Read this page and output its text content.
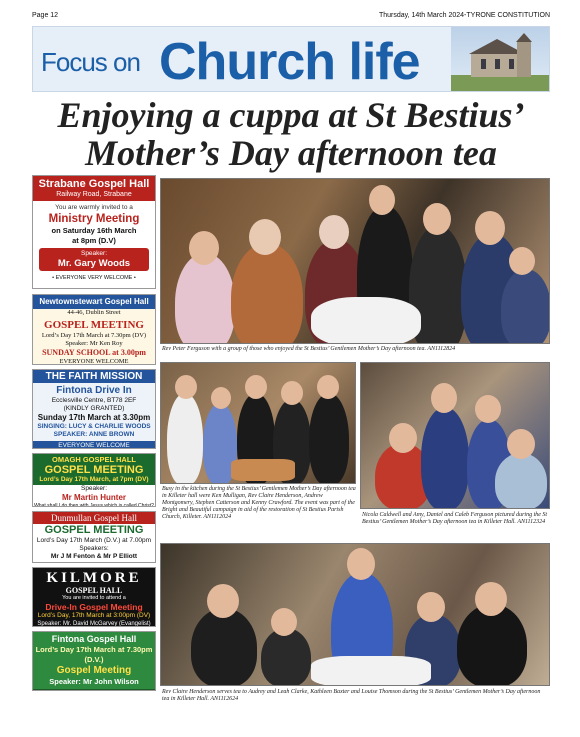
Page 12	Thursday, 14th March 2024-TYRONE CONSTITUTION
Focus on Church life
Enjoying a cuppa at St Bestius’
Mother’s Day afternoon tea
Strabane Gospel Hall
Railway Road, Strabane
You are warmly invited to a
Ministry Meeting
on Saturday 16th March
at 8pm (D.V)
Speaker:
Mr. Gary Woods
• EVERYONE VERY WELCOME •
Newtownstewart Gospel Hall
44-46, Dublin Street
GOSPEL MEETING
Lord’s Day 17th March at 7.30pm (DV)
Speaker: Mr Ken Roy
SUNDAY SCHOOL at 3.00pm
EVERYONE WELCOME
THE FAITH MISSION
Fintona Drive In
Ecclesville Centre, BT78 2EF
(KINDLY GRANTED)
Sunday 17th March at 3.30pm
SINGING: LUCY & CHARLIE WOODS
SPEAKER: ANNE BROWN
EVERYONE WELCOME
OMAGH GOSPEL HALL
GOSPEL MEETING
Lord’s Day 17th March, at 7pm (DV)
Speaker:
Mr Martin Hunter
What shall I do then with Jesus which is called Christ?
Dunmullan Gospel Hall
GOSPEL MEETING
Lord’s Day 17th March (D.V.) at 7.00pm
Speakers:
Mr J M Fenton & Mr P Elliott
KILMORE
GOSPEL HALL
You are invited to attend a
Drive-In Gospel Meeting
Lord’s Day, 17th March at 3:00pm (DV)
Speaker: Mr. David McGarvey (Evangelist)
Fintona Gospel Hall
Lord’s Day 17th March at 7.30pm (D.V.)
Gospel Meeting
Speaker: Mr John Wilson
Rev Peter Ferguson with a group of those who enjoyed the St Bestius’ Gentlemen Mother’s Day afternoon tea. AN1112824
Busy in the kitchen during the St Bestius’ Gentlemen Mother’s Day afternoon tea in Killeter hall were Ken Mulligan, Rev Claire Henderson, Andrew Montgomery, Stephen Catterson and Kenny Crawford. The event was part of the Bright and Beautiful campaign in aid of the restoration of St Bestius Parish Church, Killeter. AN1112024	Nicola Caldwell and Amy, Daniel and Caleb Ferguson pictured during the St Bestius’ Gentlemen Mother’s Day afternoon tea in Killeter Hall. AN1112324
Rev Claire Henderson serves tea to Audrey and Leah Clarke, Kathleen Baxter and Louise Thomson during the St Bestius’ Gentlemen Mother’s Day afternoon tea in Killeter Hall. AN1112624
